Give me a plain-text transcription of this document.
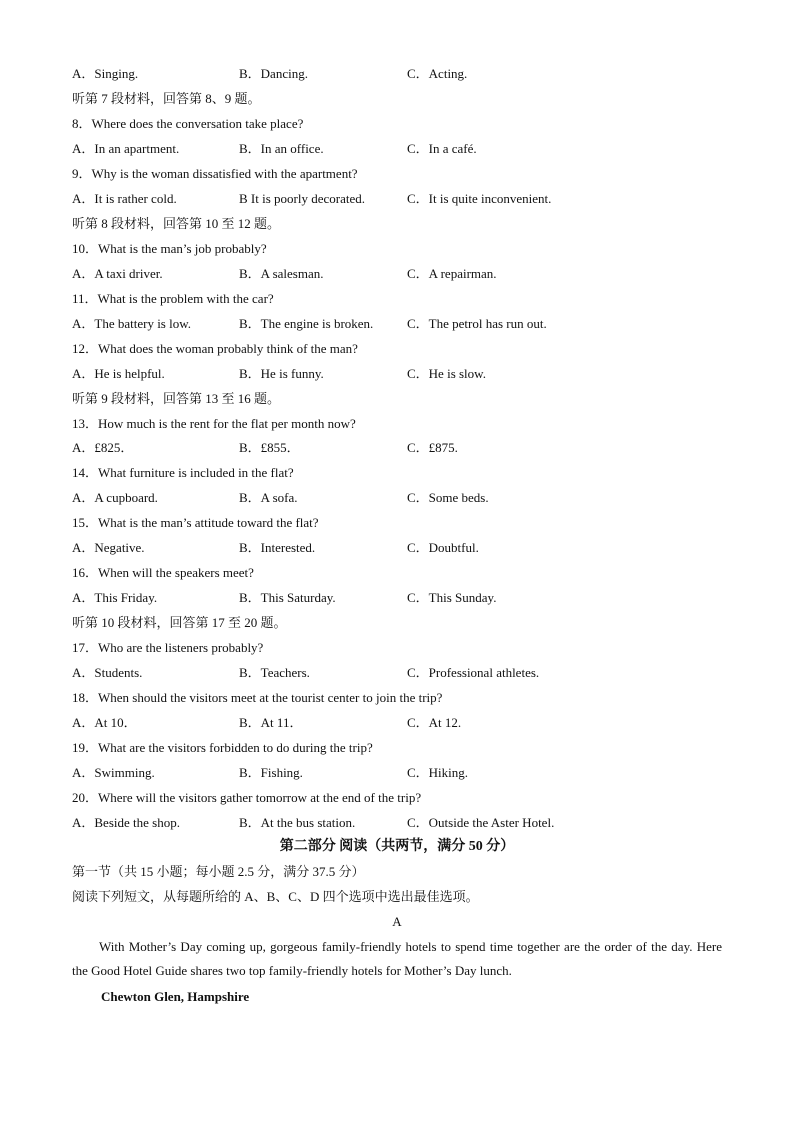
A．Singing.	B．Dancing.	C．Acting.
听第 7 段材料，回答第 8、9 题。
8．Where does the conversation take place?
A．In an apartment.	B．In an office.	C．In a café.
9．Why is the woman dissatisfied with the apartment?
A．It is rather cold.	B It is poorly decorated.	C．It is quite inconvenient.
听第 8 段材料，回答第 10 至 12 题。
10．What is the man’s job probably?
A．A taxi driver.	B．A salesman.	C．A repairman.
11．What is the problem with the car?
A．The battery is low.	B．The engine is broken.	C．The petrol has run out.
12．What does the woman probably think of the man?
A．He is helpful.	B．He is funny.	C．He is slow.
听第 9 段材料，回答第 13 至 16 题。
13．How much is the rent for the flat per month now?
A．£825．	B．£855．	C．£875.
14．What furniture is included in the flat?
A．A cupboard.	B．A sofa.	C．Some beds.
15．What is the man’s attitude toward the flat?
A．Negative.	B．Interested.	C．Doubtful.
16．When will the speakers meet?
A．This Friday.	B．This Saturday.	C．This Sunday.
听第 10 段材料，回答第 17 至 20 题。
17．Who are the listeners probably?
A．Students.	B．Teachers.	C．Professional athletes.
18．When should the visitors meet at the tourist center to join the trip?
A．At 10．	B．At 11．	C．At 12.
19．What are the visitors forbidden to do during the trip?
A．Swimming.	B．Fishing.	C．Hiking.
20．Where will the visitors gather tomorrow at the end of the trip?
A．Beside the shop.	B．At the bus station.	C．Outside the Aster Hotel.
第二部分 阅读（共两节，满分 50 分）
第一节（共 15 小题；每小题 2.5 分，满分 37.5 分）
阅读下列短文，从每题所给的 A、B、C、D 四个选项中选出最佳选项。
A
With Mother’s Day coming up, gorgeous family-friendly hotels to spend time together are the order of the day. Here the Good Hotel Guide shares two top family-friendly hotels for Mother’s Day lunch.
Chewton Glen, Hampshire
